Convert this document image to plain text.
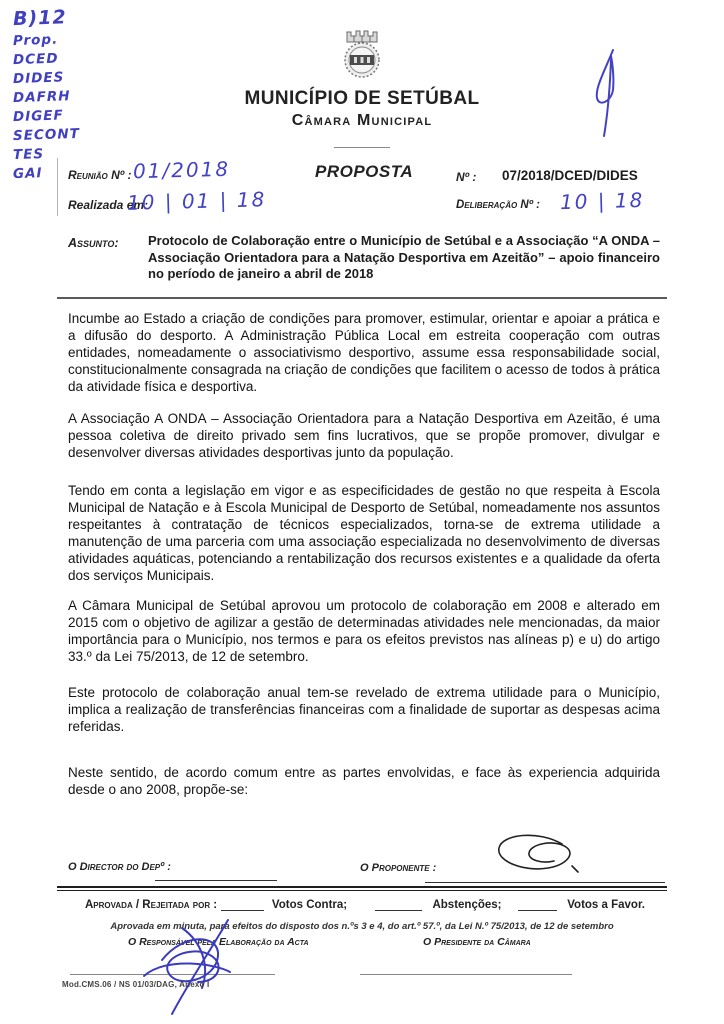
B)12
Prop.
DCED
DIDES
DAFRH
DIGEF
SECONT
TES
GAI
MUNICÍPIO DE SETÚBAL
Câmara Municipal
Reunião Nº : 01/2018
Realizada em:
10 | 01 | 18
PROPOSTA	Nº : 07/2018/DCED/DIDES
Deliberação Nº : 10 | 18
Assunto: Protocolo de Colaboração entre o Município de Setúbal e a Associação “A ONDA – Associação Orientadora para a Natação Desportiva em Azeitão” – apoio financeiro no período de janeiro a abril de 2018

Incumbe ao Estado a criação de condições para promover, estimular, orientar e apoiar a prática e a difusão do desporto. A Administração Pública Local em estreita cooperação com outras entidades, nomeadamente o associativismo desportivo, assume essa responsabilidade social, constitucionalmente consagrada na criação de condições que facilitem o acesso de todos à prática da atividade física e desportiva.

A Associação A ONDA – Associação Orientadora para a Natação Desportiva em Azeitão, é uma pessoa coletiva de direito privado sem fins lucrativos, que se propõe promover, divulgar e desenvolver diversas atividades desportivas junto da população.

Tendo em conta a legislação em vigor e as especificidades de gestão no que respeita à Escola Municipal de Natação e à Escola Municipal de Desporto de Setúbal, nomeadamente nos assuntos respeitantes à contratação de técnicos especializados, torna-se de extrema utilidade a manutenção de uma parceria com uma associação especializada no desenvolvimento de diversas atividades aquáticas, potenciando a rentabilização dos recursos existentes e a qualidade da oferta dos serviços Municipais.

A Câmara Municipal de Setúbal aprovou um protocolo de colaboração em 2008 e alterado em 2015 com o objetivo de agilizar a gestão de determinadas atividades nele mencionadas, da maior importância para o Município, nos termos e para os efeitos previstos nas alíneas p) e u) do artigo 33.º da Lei 75/2013, de 12 de setembro.

Este protocolo de colaboração anual tem-se revelado de extrema utilidade para o Município, implica a realização de transferências financeiras com a finalidade de suportar as despesas acima referidas.

Neste sentido, de acordo comum entre as partes envolvidas, e face às experiencia adquirida desde o ano 2008, propõe-se:

O Director do Depº :	O Proponente :
Aprovada / Rejeitada por :	Votos Contra;	Abstenções;	Votos a Favor.
Aprovada em minuta, para efeitos do disposto dos n.ºs 3 e 4, do art.º 57.º, da Lei N.º 75/2013, de 12 de setembro
O Responsável pela Elaboração da Acta	O Presidente da Câmara
Mod.CMS.06 / NS 01/03/DAG, Anexo I
